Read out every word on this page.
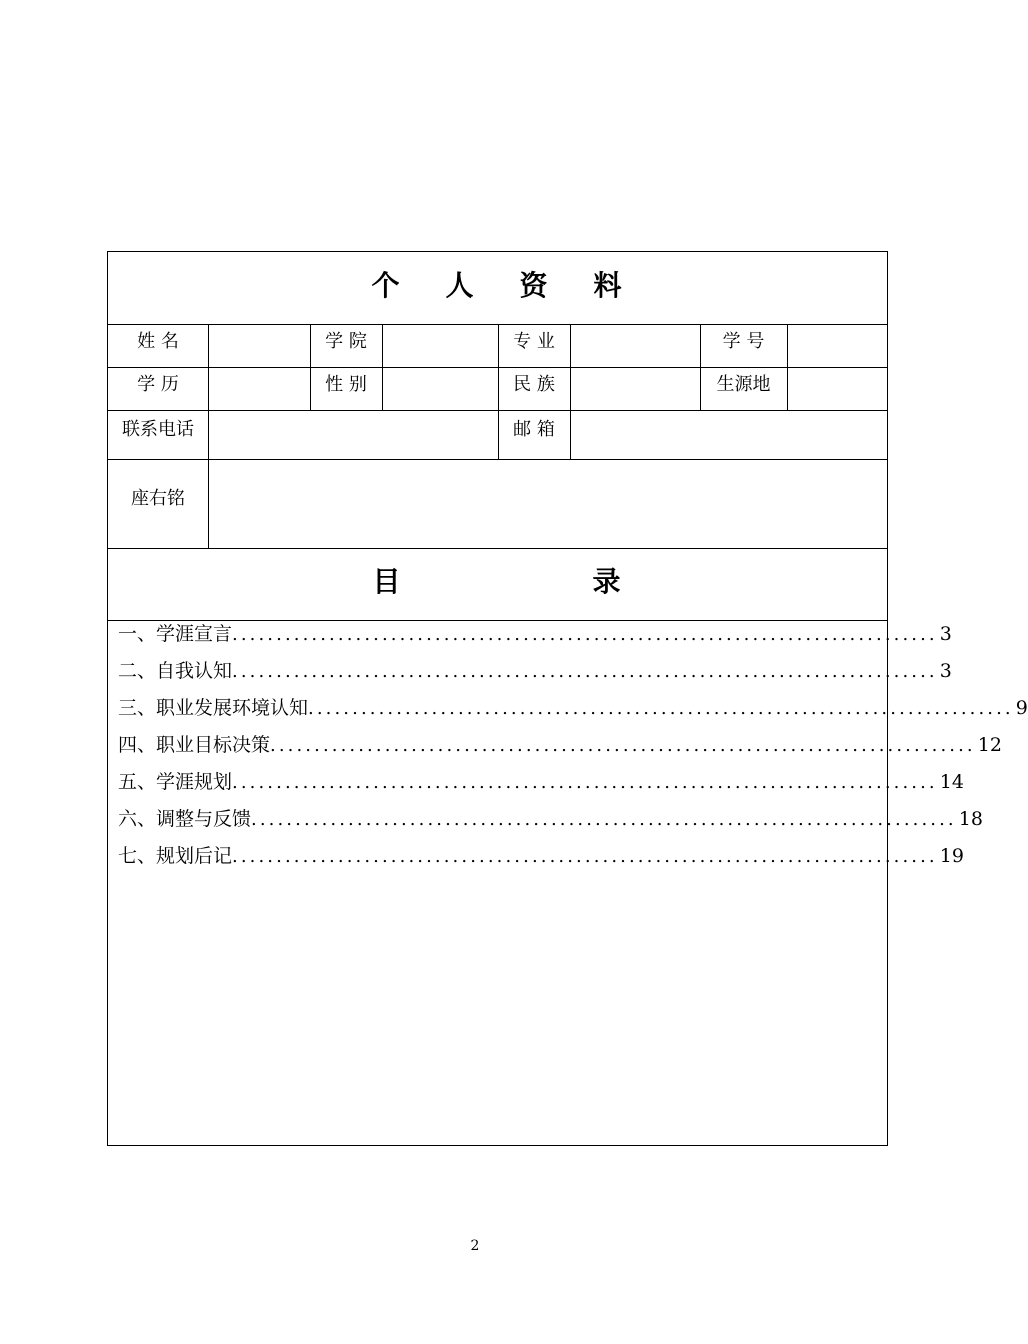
个 人 资 料
姓 名	学 院	专 业	学 号
学 历	性 别	民 族	生源地
联系电话	邮 箱
座右铭
目	录
一、学涯宣言 ................................................................................ 3
二、自我认知 ................................................................................ 3
三、职业发展环境认知 ................................................................................ 9
四、职业目标决策 ................................................................................ 12
五、学涯规划 ................................................................................ 14
六、调整与反馈 ................................................................................ 18
七、规划后记 ................................................................................ 19
2
